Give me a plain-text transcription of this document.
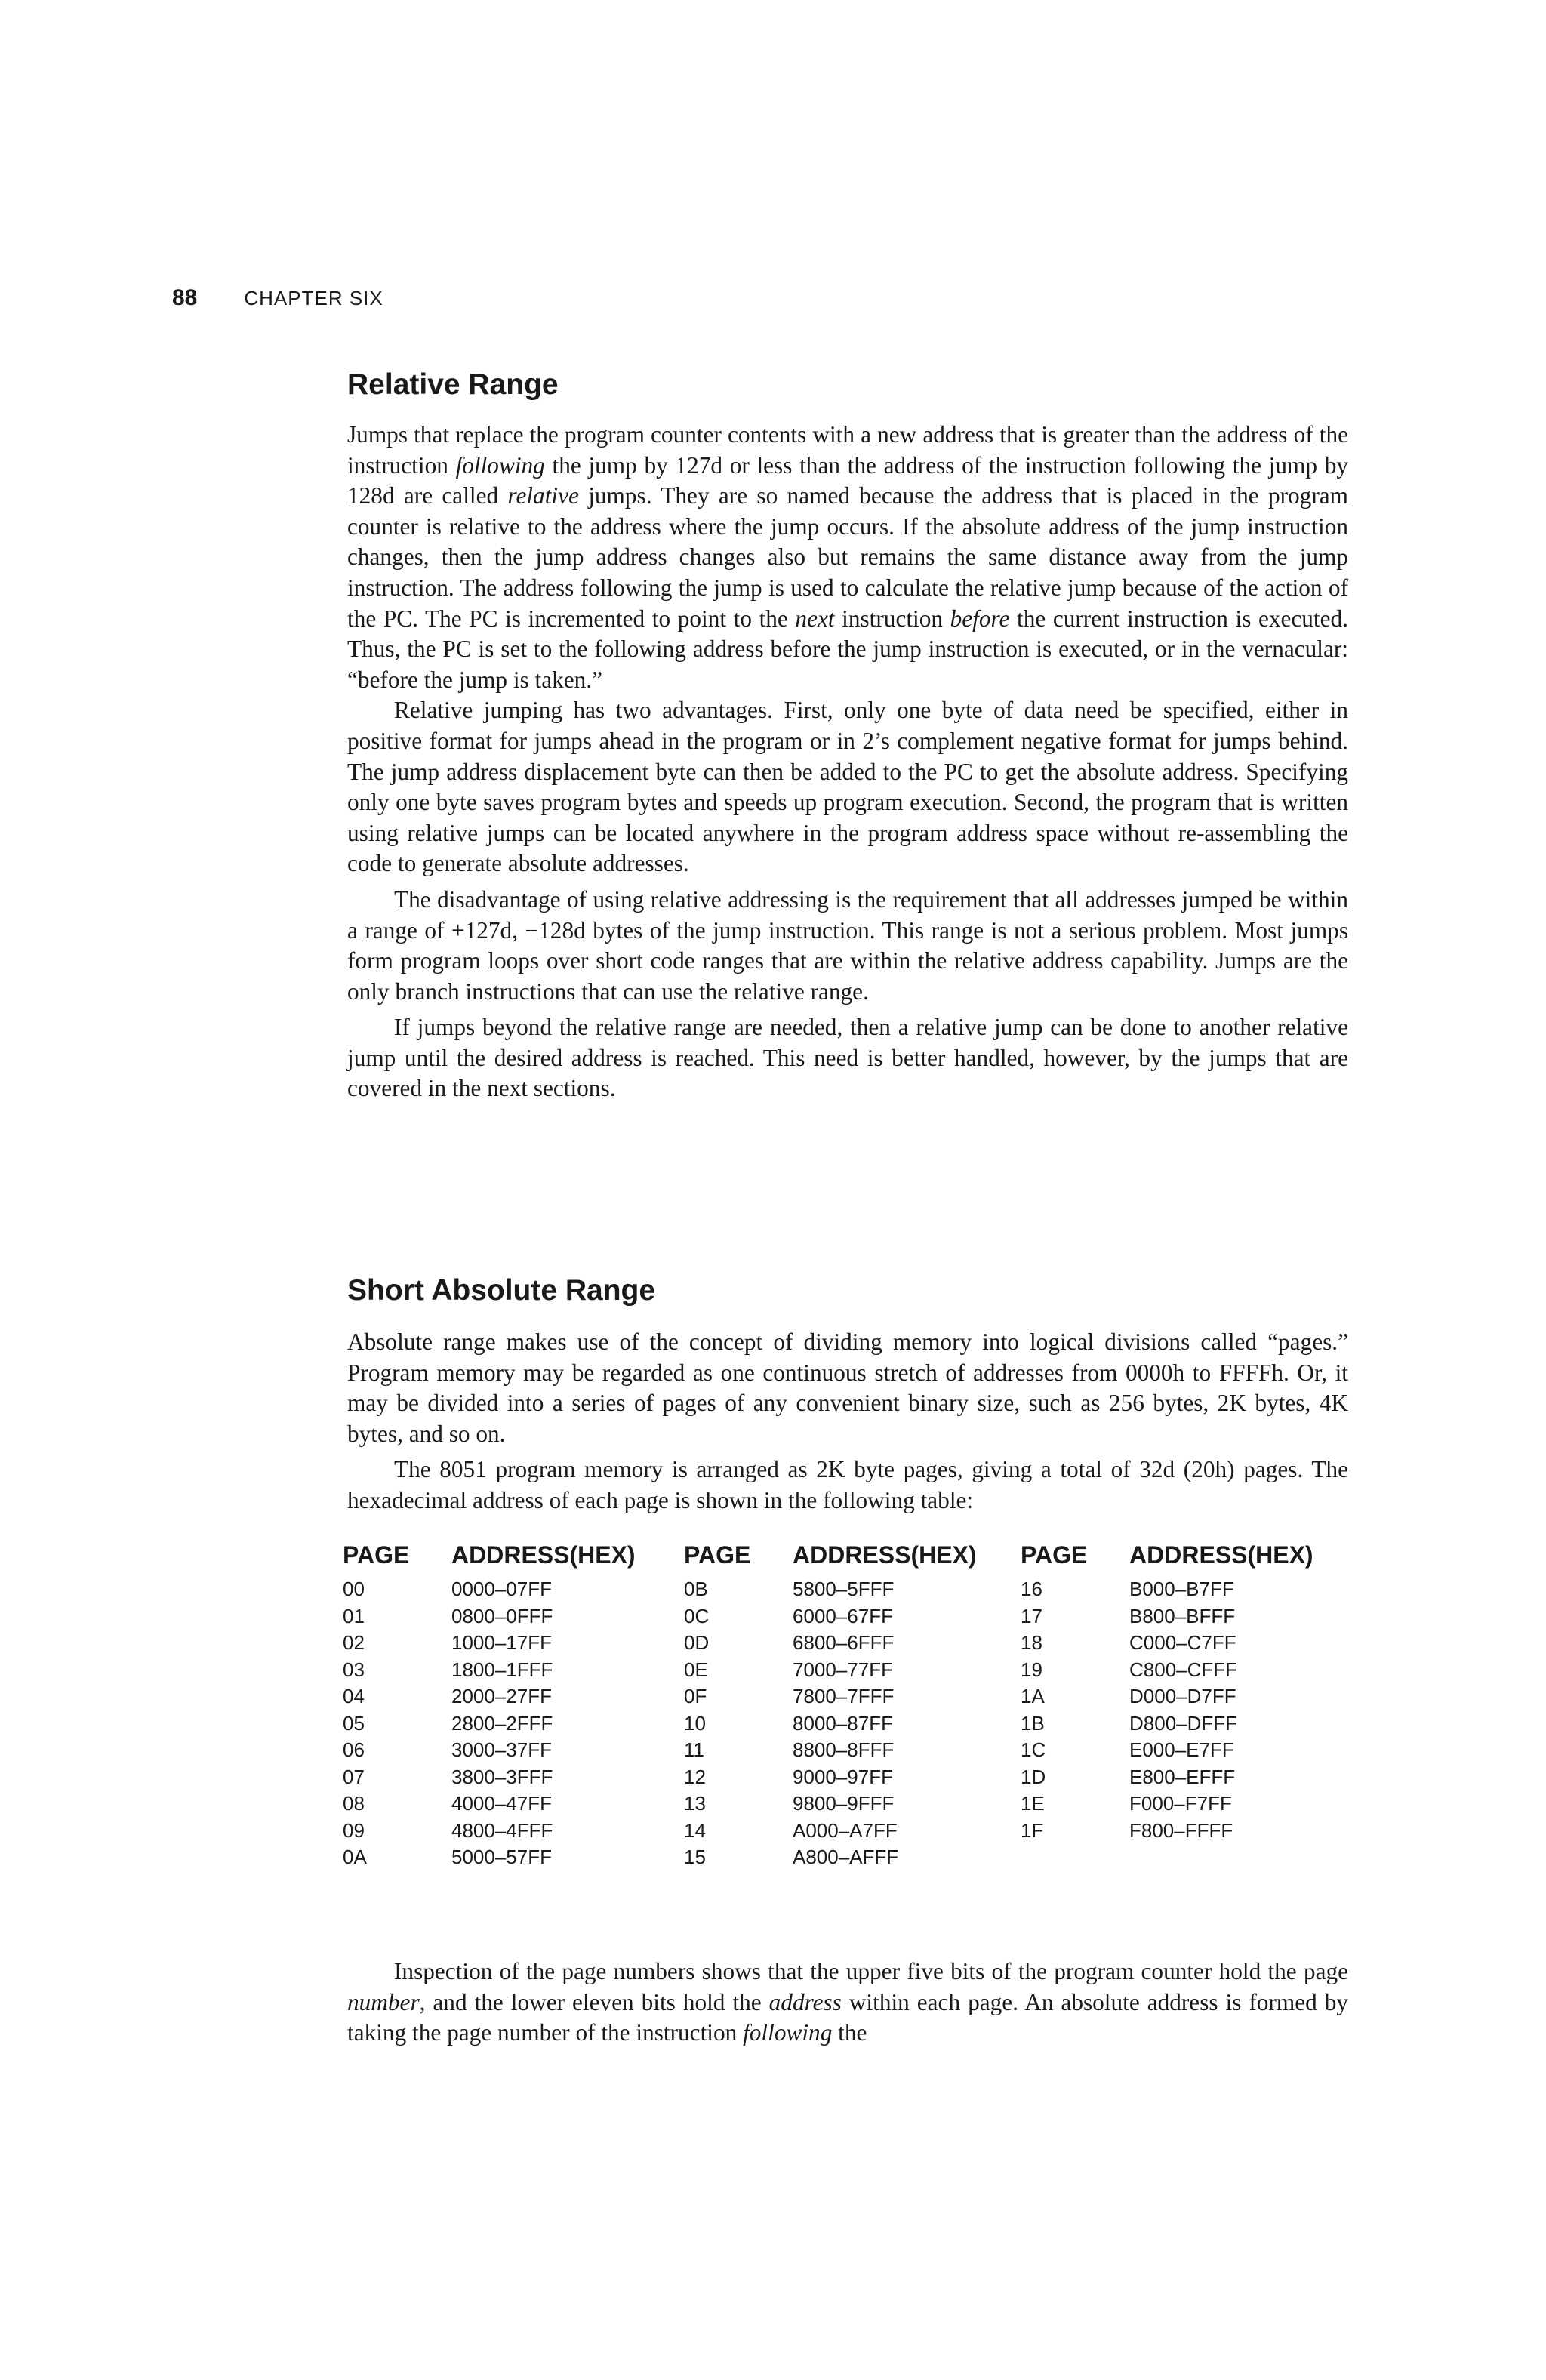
88 CHAPTER SIX
Relative Range

Jumps that replace the program counter contents with a new address that is greater than the address of the instruction following the jump by 127d or less than the address of the instruction following the jump by 128d are called relative jumps. They are so named because the address that is placed in the program counter is relative to the address where the jump occurs. If the absolute address of the jump instruction changes, then the jump address changes also but remains the same distance away from the jump instruction. The address following the jump is used to calculate the relative jump because of the action of the PC. The PC is incremented to point to the next instruction before the current instruction is executed. Thus, the PC is set to the following address before the jump instruction is executed, or in the vernacular: “before the jump is taken.”

Relative jumping has two advantages. First, only one byte of data need be specified, either in positive format for jumps ahead in the program or in 2’s complement negative format for jumps behind. The jump address displacement byte can then be added to the PC to get the absolute address. Specifying only one byte saves program bytes and speeds up program execution. Second, the program that is written using relative jumps can be located anywhere in the program address space without re-assembling the code to generate absolute addresses.

The disadvantage of using relative addressing is the requirement that all addresses jumped be within a range of +127d, −128d bytes of the jump instruction. This range is not a serious problem. Most jumps form program loops over short code ranges that are within the relative address capability. Jumps are the only branch instructions that can use the relative range.

If jumps beyond the relative range are needed, then a relative jump can be done to another relative jump until the desired address is reached. This need is better handled, however, by the jumps that are covered in the next sections.

Short Absolute Range

Absolute range makes use of the concept of dividing memory into logical divisions called “pages.” Program memory may be regarded as one continuous stretch of addresses from 0000h to FFFFh. Or, it may be divided into a series of pages of any convenient binary size, such as 256 bytes, 2K bytes, 4K bytes, and so on.

The 8051 program memory is arranged as 2K byte pages, giving a total of 32d (20h) pages. The hexadecimal address of each page is shown in the following table:

PAGE	ADDRESS(HEX)	PAGE	ADDRESS(HEX)	PAGE	ADDRESS(HEX)
00	0000–07FF	0B	5800–5FFF	16	B000–B7FF
01	0800–0FFF	0C	6000–67FF	17	B800–BFFF
02	1000–17FF	0D	6800–6FFF	18	C000–C7FF
03	1800–1FFF	0E	7000–77FF	19	C800–CFFF
04	2000–27FF	0F	7800–7FFF	1A	D000–D7FF
05	2800–2FFF	10	8000–87FF	1B	D800–DFFF
06	3000–37FF	11	8800–8FFF	1C	E000–E7FF
07	3800–3FFF	12	9000–97FF	1D	E800–EFFF
08	4000–47FF	13	9800–9FFF	1E	F000–F7FF
09	4800–4FFF	14	A000–A7FF	1F	F800–FFFF
0A	5000–57FF	15	A800–AFFF		

Inspection of the page numbers shows that the upper five bits of the program counter hold the page number, and the lower eleven bits hold the address within each page. An absolute address is formed by taking the page number of the instruction following the
